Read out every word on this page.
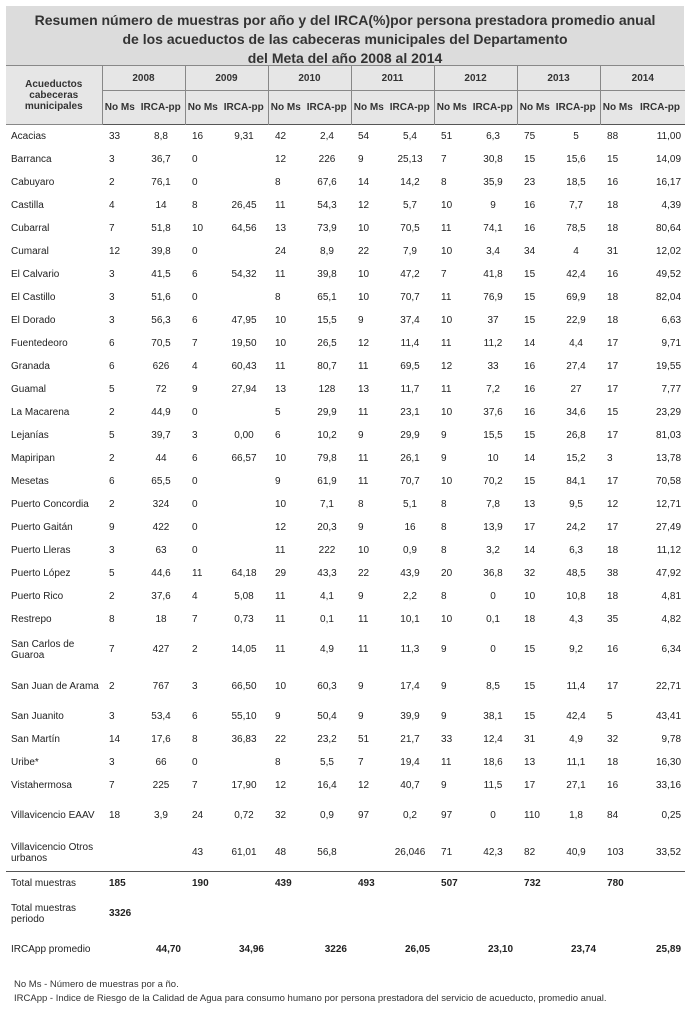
Resumen número de muestras por año y del IRCA(%)por persona prestadora promedio anual
de los acueductos de las cabeceras municipales del Departamento
del Meta del año 2008 al 2014
Acueductos cabeceras municipales	2008		2009		2010		2011		2012		2013		2014	
	No Ms	IRCA-pp	No Ms	IRCA-pp	No Ms	IRCA-pp	No Ms	IRCA-pp	No Ms	IRCA-pp	No Ms	IRCA-pp	No Ms	IRCA-pp
Acacias	33	8,8	16	9,31	42	2,4	54	5,4	51	6,3	75	5	88	11,00
Barranca	3	36,7	0		12	226	9	25,13	7	30,8	15	15,6	15	14,09
Cabuyaro	2	76,1	0		8	67,6	14	14,2	8	35,9	23	18,5	16	16,17
Castilla	4	14	8	26,45	11	54,3	12	5,7	10	9	16	7,7	18	4,39
Cubarral	7	51,8	10	64,56	13	73,9	10	70,5	11	74,1	16	78,5	18	80,64
Cumaral	12	39,8	0		24	8,9	22	7,9	10	3,4	34	4	31	12,02
El Calvario	3	41,5	6	54,32	11	39,8	10	47,2	7	41,8	15	42,4	16	49,52
El Castillo	3	51,6	0		8	65,1	10	70,7	11	76,9	15	69,9	18	82,04
El Dorado	3	56,3	6	47,95	10	15,5	9	37,4	10	37	15	22,9	18	6,63
Fuentedeoro	6	70,5	7	19,50	10	26,5	12	11,4	11	11,2	14	4,4	17	9,71
Granada	6	626	4	60,43	11	80,7	11	69,5	12	33	16	27,4	17	19,55
Guamal	5	72	9	27,94	13	128	13	11,7	11	7,2	16	27	17	7,77
La Macarena	2	44,9	0		5	29,9	11	23,1	10	37,6	16	34,6	15	23,29
Lejanías	5	39,7	3	0,00	6	10,2	9	29,9	9	15,5	15	26,8	17	81,03
Mapiripan	2	44	6	66,57	10	79,8	11	26,1	9	10	14	15,2	3	13,78
Mesetas	6	65,5	0		9	61,9	11	70,7	10	70,2	15	84,1	17	70,58
Puerto Concordia	2	324	0		10	7,1	8	5,1	8	7,8	13	9,5	12	12,71
Puerto Gaitán	9	422	0		12	20,3	9	16	8	13,9	17	24,2	17	27,49
Puerto Lleras	3	63	0		11	222	10	0,9	8	3,2	14	6,3	18	11,12
Puerto López	5	44,6	11	64,18	29	43,3	22	43,9	20	36,8	32	48,5	38	47,92
Puerto Rico	2	37,6	4	5,08	11	4,1	9	2,2	8	0	10	10,8	18	4,81
Restrepo	8	18	7	0,73	11	0,1	11	10,1	10	0,1	18	4,3	35	4,82
San Carlos de Guaroa	7	427	2	14,05	11	4,9	11	11,3	9	0	15	9,2	16	6,34
San Juan de Arama	2	767	3	66,50	10	60,3	9	17,4	9	8,5	15	11,4	17	22,71
San Juanito	3	53,4	6	55,10	9	50,4	9	39,9	9	38,1	15	42,4	5	43,41
San Martín	14	17,6	8	36,83	22	23,2	51	21,7	33	12,4	31	4,9	32	9,78
Uribe*	3	66	0		8	5,5	7	19,4	11	18,6	13	11,1	18	16,30
Vistahermosa	7	225	7	17,90	12	16,4	12	40,7	9	11,5	17	27,1	16	33,16
Villavicencio EAAV	18	3,9	24	0,72	32	0,9	97	0,2	97	0	110	1,8	84	0,25
Villavicencio Otros urbanos			43	61,01	48	56,8		26,046	71	42,3	82	40,9	103	33,52
Total muestras	185		190		439		493		507		732		780	
Total muestras periodo	3326													
IRCApp promedio		44,70		34,96		3226		26,05		23,10		23,74		25,89
No Ms - Número de muestras por a ño.
IRCApp - Indice de Riesgo de la Calidad de Agua para consumo humano por persona prestadora del servicio de acueducto, promedio anual.
